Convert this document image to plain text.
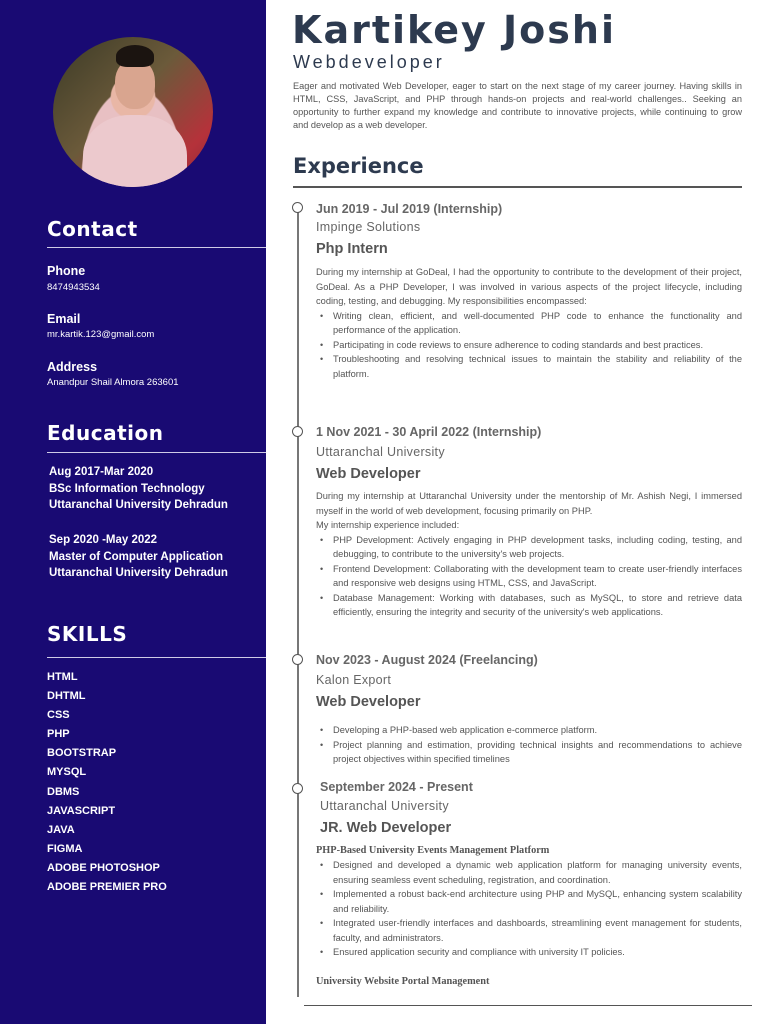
Contact
Phone
8474943534
Email
mr.kartik.123@gmail.com
Address
Anandpur Shail Almora 263601
Education
Aug 2017-Mar 2020
BSc Information Technology
Uttaranchal University Dehradun
Sep 2020 -May 2022
Master of Computer Application
Uttaranchal University Dehradun
SKILLS
HTML
DHTML
CSS
PHP
BOOTSTRAP
MYSQL
DBMS
JAVASCRIPT
JAVA
FIGMA
ADOBE PHOTOSHOP
ADOBE PREMIER PRO
Kartikey Joshi
Webdeveloper
Eager and motivated Web Developer, eager to start on the next stage of my career journey. Having skills in HTML, CSS, JavaScript, and PHP through hands-on projects and real-world challenges.. Seeking an opportunity to further expand my knowledge and contribute to innovative projects, while continuing to grow and develop as a web developer.
Experience
Jun 2019 - Jul 2019 (Internship)
Impinge Solutions
Php Intern
During my internship at GoDeal, I had the opportunity to contribute to the development of their project, GoDeal. As a PHP Developer, I was involved in various aspects of the project lifecycle, including coding, testing, and debugging. My responsibilities encompassed:
• Writing clean, efficient, and well-documented PHP code to enhance the functionality and performance of the application.
• Participating in code reviews to ensure adherence to coding standards and best practices.
• Troubleshooting and resolving technical issues to maintain the stability and reliability of the platform.
1 Nov 2021 - 30 April 2022 (Internship)
Uttaranchal University
Web Developer
During my internship at Uttaranchal University under the mentorship of Mr. Ashish Negi, I immersed myself in the world of web development, focusing primarily on PHP.
My internship experience included:
• PHP Development: Actively engaging in PHP development tasks, including coding, testing, and debugging, to contribute to the university's web projects.
• Frontend Development: Collaborating with the development team to create user-friendly interfaces and responsive web designs using HTML, CSS, and JavaScript.
• Database Management: Working with databases, such as MySQL, to store and retrieve data efficiently, ensuring the integrity and security of the university's web applications.
Nov 2023 - August 2024 (Freelancing)
Kalon Export
Web Developer
• Developing a PHP-based web application e-commerce platform.
• Project planning and estimation, providing technical insights and recommendations to achieve project objectives within specified timelines
September 2024 - Present
Uttaranchal University
JR. Web Developer
PHP-Based University Events Management Platform
• Designed and developed a dynamic web application platform for managing university events, ensuring seamless event scheduling, registration, and coordination.
• Implemented a robust back-end architecture using PHP and MySQL, enhancing system scalability and reliability.
• Integrated user-friendly interfaces and dashboards, streamlining event management for students, faculty, and administrators.
• Ensured application security and compliance with university IT policies.
University Website Portal Management
